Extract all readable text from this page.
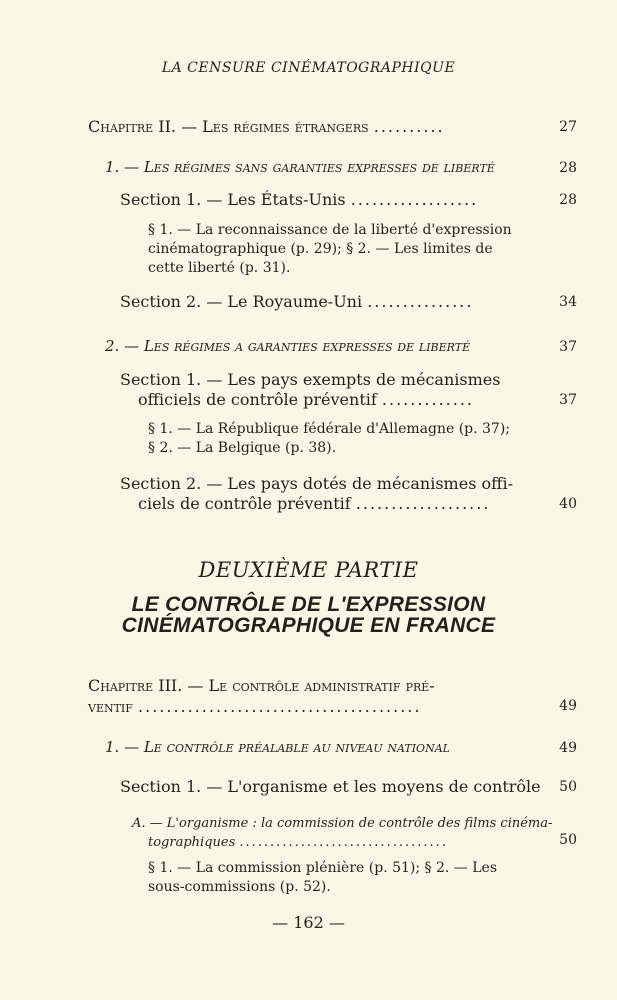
LA CENSURE CINÉMATOGRAPHIQUE
Chapitre II. — Les régimes étrangers ..........	27
1. — Les régimes sans garanties expresses de liberté	28
Section 1. — Les États-Unis ..................	28
§ 1. — La reconnaissance de la liberté d'expression
cinématographique (p. 29); § 2. — Les limites de
cette liberté (p. 31).
Section 2. — Le Royaume-Uni ...............	34
2. — Les régimes a garanties expresses de liberté	37
Section 1. — Les pays exempts de mécanismes
officiels de contrôle préventif .............	37
§ 1. — La République fédérale d'Allemagne (p. 37);
§ 2. — La Belgique (p. 38).
Section 2. — Les pays dotés de mécanismes offi-
ciels de contrôle préventif ...................	40
DEUXIÈME PARTIE
LE CONTRÔLE DE L'EXPRESSION
CINÉMATOGRAPHIQUE EN FRANCE
Chapitre III. — Le contrôle administratif pré-
ventif ........................................	49
1. — Le contrôle préalable au niveau national	49
Section 1. — L'organisme et les moyens de contrôle 50
A. — L'organisme : la commission de contrôle des films cinéma-
tographiques ..................................	50
§ 1. — La commission plénière (p. 51); § 2. — Les
sous-commissions (p. 52).
— 162 —
